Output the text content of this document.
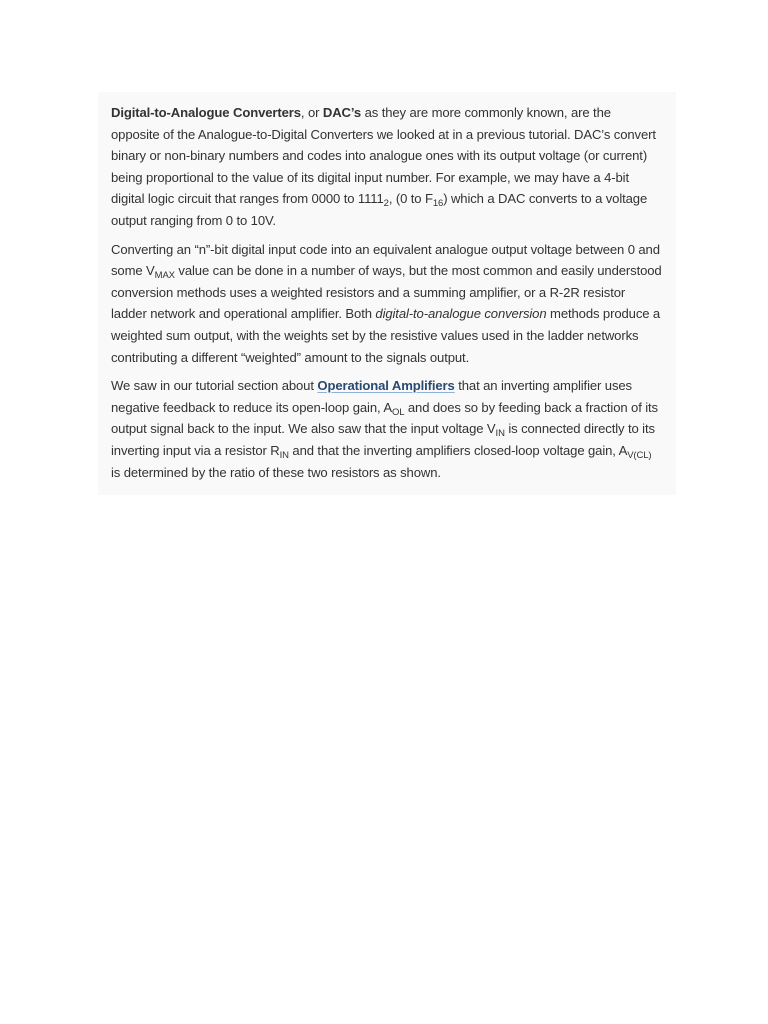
Digital-to-Analogue Converters, or DAC’s as they are more commonly known, are the opposite of the Analogue-to-Digital Converters we looked at in a previous tutorial. DAC’s convert binary or non-binary numbers and codes into analogue ones with its output voltage (or current) being proportional to the value of its digital input number. For example, we may have a 4-bit digital logic circuit that ranges from 0000 to $1111_2$, (0 to $F_{16}$) which a DAC converts to a voltage output ranging from 0 to 10V.

Converting an “n”-bit digital input code into an equivalent analogue output voltage between 0 and some $V_{MAX}$ value can be done in a number of ways, but the most common and easily understood conversion methods uses a weighted resistors and a summing amplifier, or a R-2R resistor ladder network and operational amplifier. Both digital-to-analogue conversion methods produce a weighted sum output, with the weights set by the resistive values used in the ladder networks contributing a different “weighted” amount to the signals output.

We saw in our tutorial section about Operational Amplifiers that an inverting amplifier uses negative feedback to reduce its open-loop gain, $A_{OL}$ and does so by feeding back a fraction of its output signal back to the input. We also saw that the input voltage $V_{IN}$ is connected directly to its inverting input via a resistor $R_{IN}$ and that the inverting amplifiers closed-loop voltage gain, $A_{V(CL)}$ is determined by the ratio of these two resistors as shown.
